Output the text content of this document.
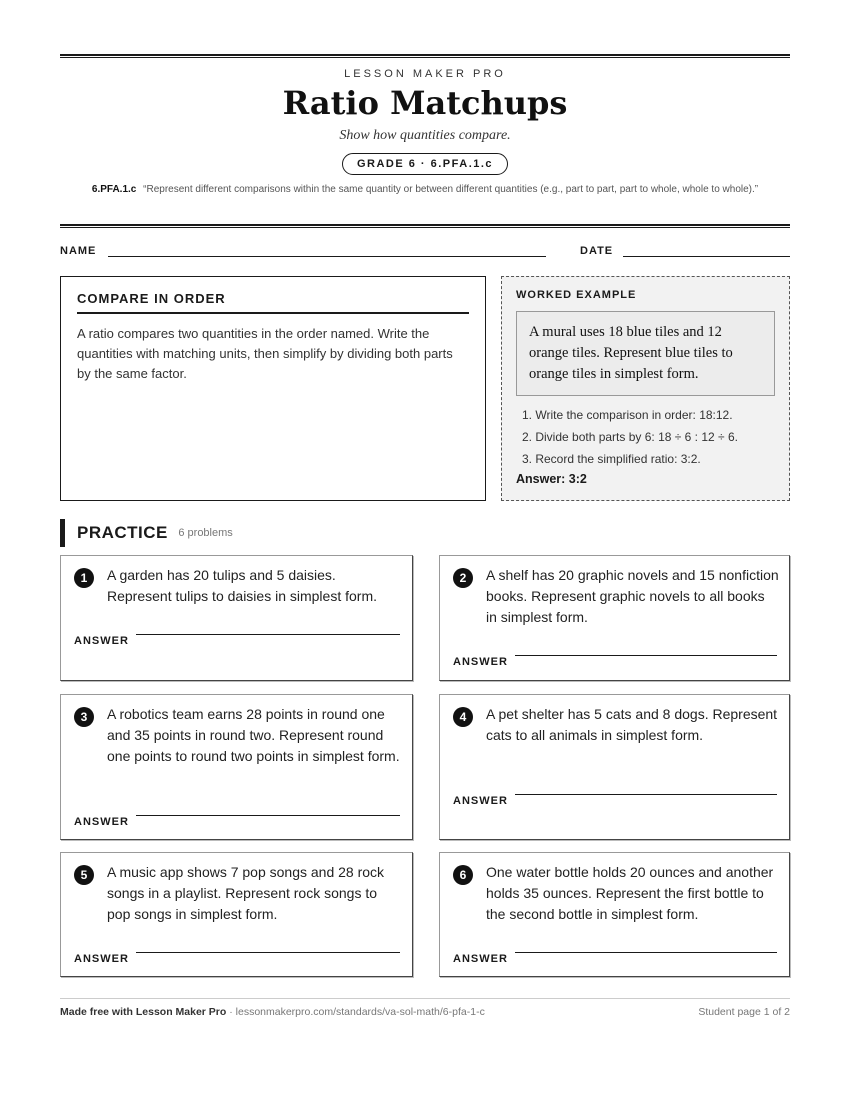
LESSON MAKER PRO
Ratio Matchups
Show how quantities compare.
GRADE 6 · 6.PFA.1.c
6.PFA.1.c “Represent different comparisons within the same quantity or between different quantities (e.g., part to part, part to whole, whole to whole).”
NAME	DATE
COMPARE IN ORDER

A ratio compares two quantities in the order named. Write the quantities with matching units, then simplify by dividing both parts by the same factor.

WORKED EXAMPLE
A mural uses 18 blue tiles and 12 orange tiles. Represent blue tiles to orange tiles in simplest form.
1. Write the comparison in order: 18:12.
2. Divide both parts by 6: 18 ÷ 6 : 12 ÷ 6.
3. Record the simplified ratio: 3:2.
Answer: 3:2
PRACTICE 6 problems
1	A garden has 20 tulips and 5 daisies. Represent tulips to daisies in simplest form.
ANSWER
2	A shelf has 20 graphic novels and 15 nonfiction books. Represent graphic novels to all books in simplest form.
ANSWER
3	A robotics team earns 28 points in round one and 35 points in round two. Represent round one points to round two points in simplest form.
ANSWER
4	A pet shelter has 5 cats and 8 dogs. Represent cats to all animals in simplest form.
ANSWER
5	A music app shows 7 pop songs and 28 rock songs in a playlist. Represent rock songs to pop songs in simplest form.
ANSWER
6	One water bottle holds 20 ounces and another holds 35 ounces. Represent the first bottle to the second bottle in simplest form.
ANSWER
Made free with Lesson Maker Pro · lessonmakerpro.com/standards/va-sol-math/6-pfa-1-c	Student page 1 of 2
